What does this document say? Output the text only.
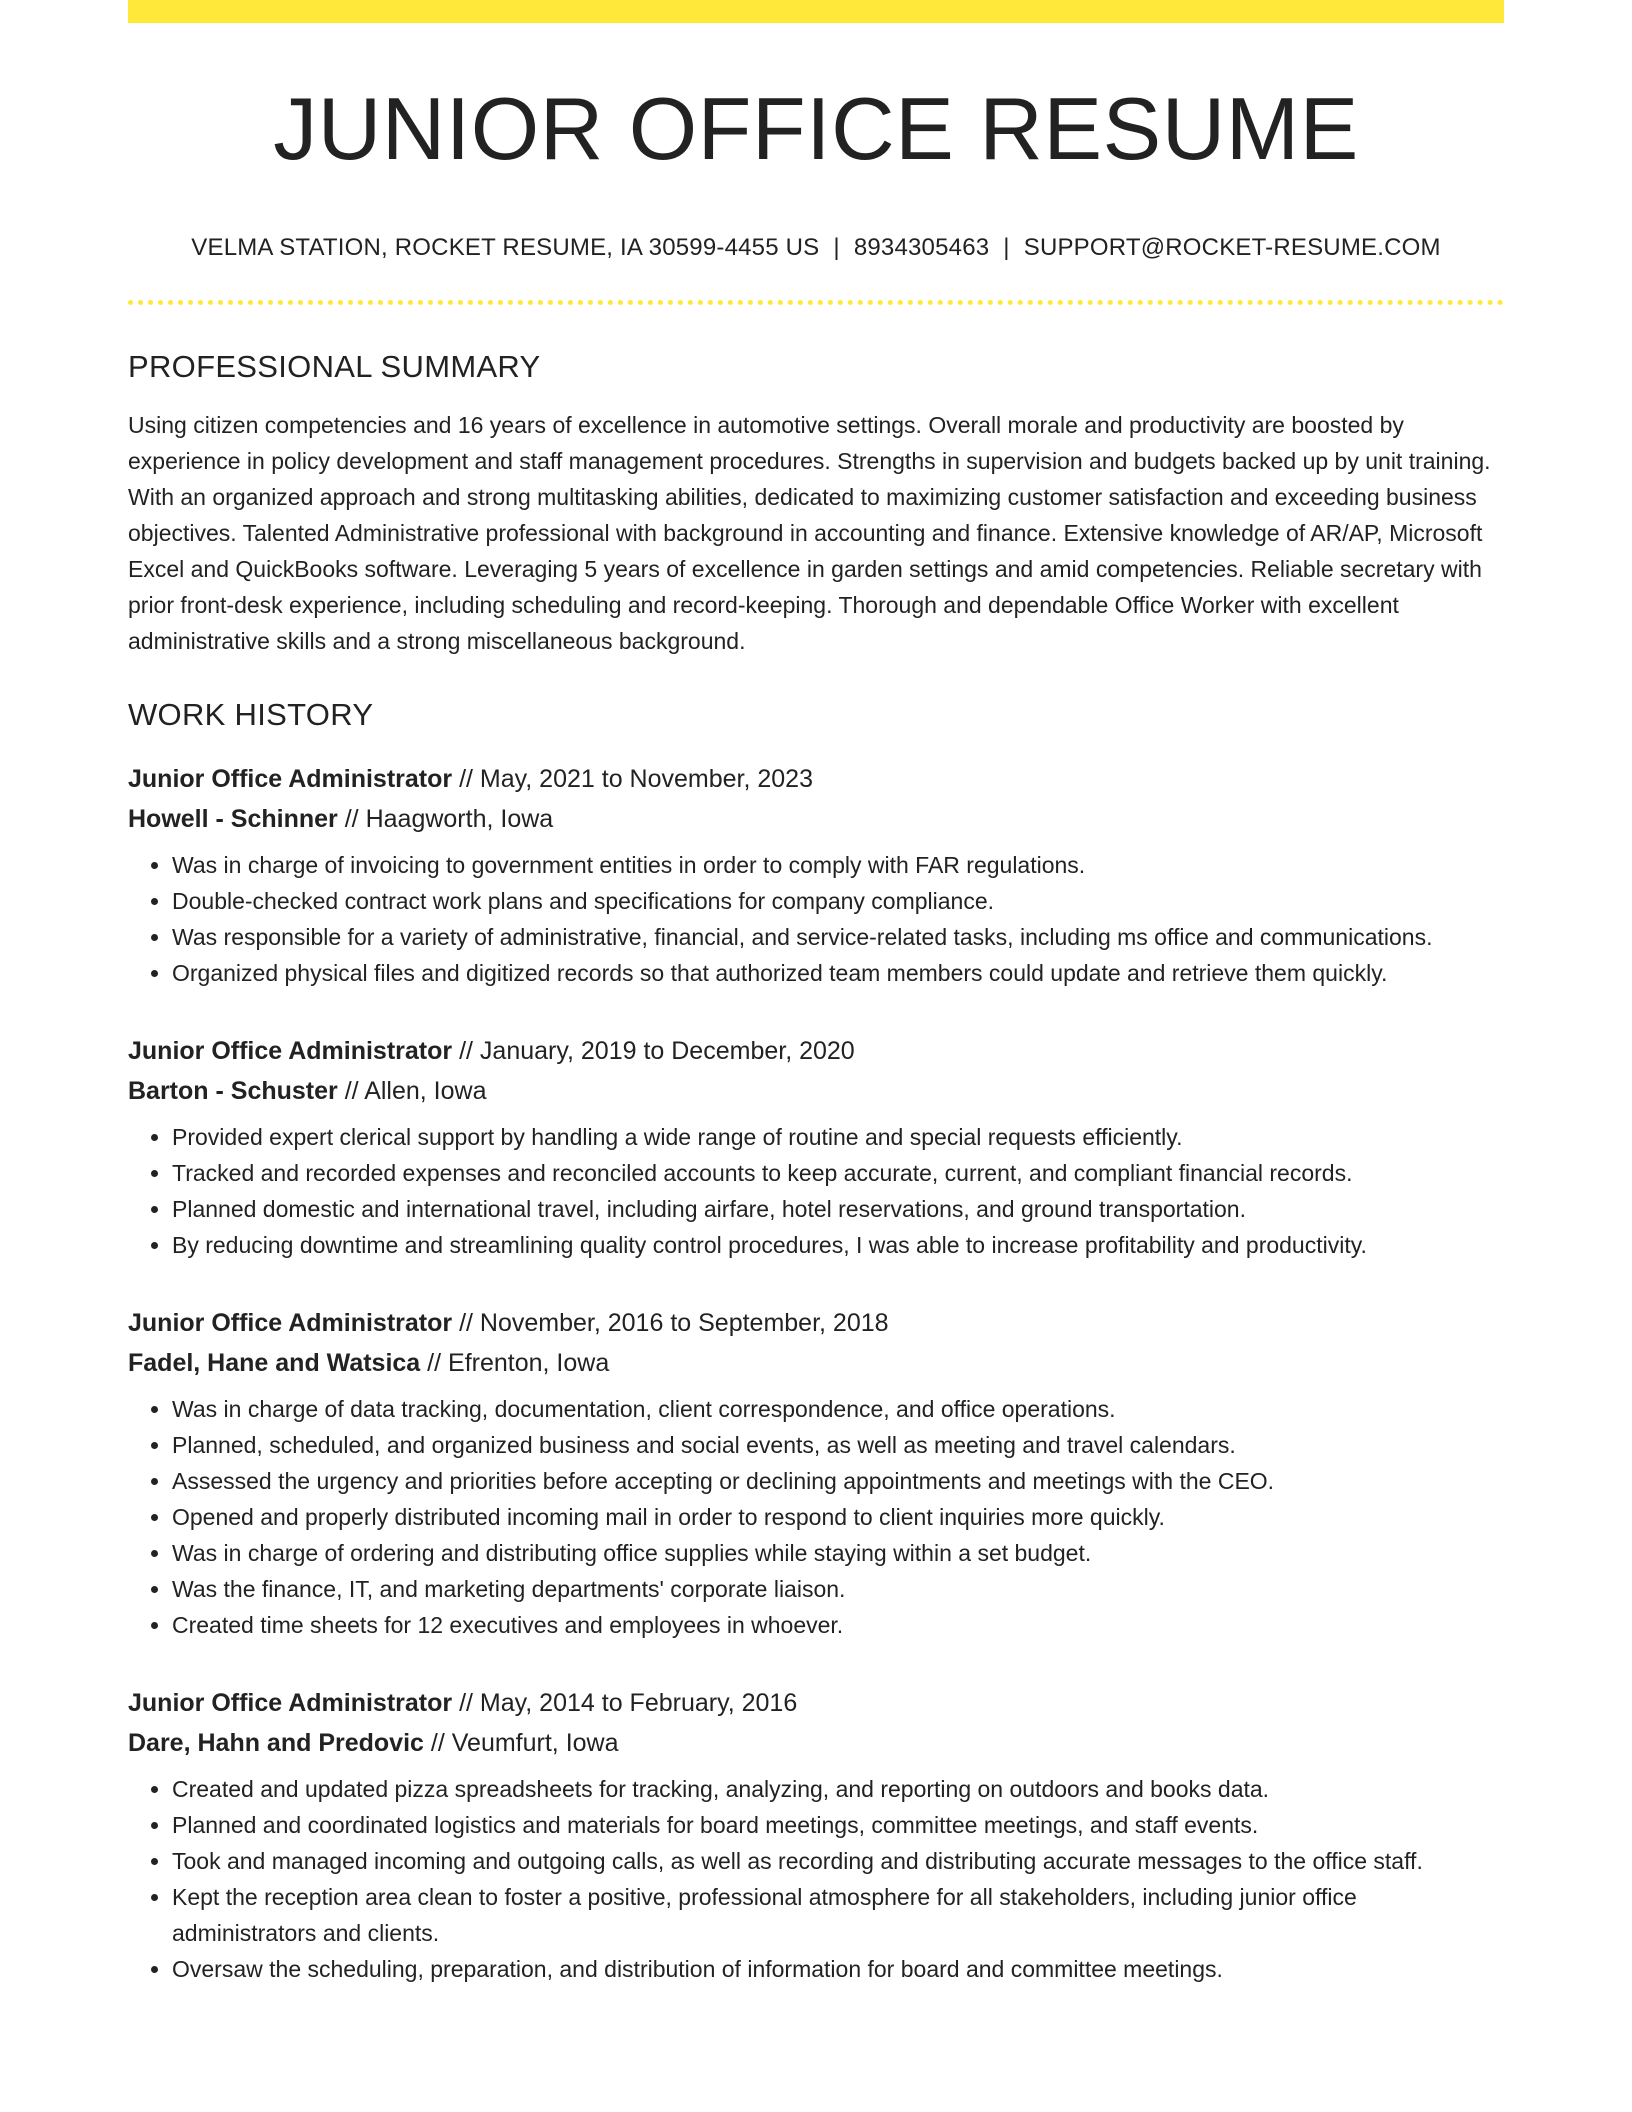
JUNIOR OFFICE RESUME
VELMA STATION, ROCKET RESUME, IA 30599-4455 US | 8934305463 | SUPPORT@ROCKET-RESUME.COM
PROFESSIONAL SUMMARY
Using citizen competencies and 16 years of excellence in automotive settings. Overall morale and productivity are boosted by experience in policy development and staff management procedures. Strengths in supervision and budgets backed up by unit training. With an organized approach and strong multitasking abilities, dedicated to maximizing customer satisfaction and exceeding business objectives. Talented Administrative professional with background in accounting and finance. Extensive knowledge of AR/AP, Microsoft Excel and QuickBooks software. Leveraging 5 years of excellence in garden settings and amid competencies. Reliable secretary with prior front-desk experience, including scheduling and record-keeping. Thorough and dependable Office Worker with excellent administrative skills and a strong miscellaneous background.
WORK HISTORY
Junior Office Administrator // May, 2021 to November, 2023
Howell - Schinner // Haagworth, Iowa
• Was in charge of invoicing to government entities in order to comply with FAR regulations.
• Double-checked contract work plans and specifications for company compliance.
• Was responsible for a variety of administrative, financial, and service-related tasks, including ms office and communications.
• Organized physical files and digitized records so that authorized team members could update and retrieve them quickly.
Junior Office Administrator // January, 2019 to December, 2020
Barton - Schuster // Allen, Iowa
• Provided expert clerical support by handling a wide range of routine and special requests efficiently.
• Tracked and recorded expenses and reconciled accounts to keep accurate, current, and compliant financial records.
• Planned domestic and international travel, including airfare, hotel reservations, and ground transportation.
• By reducing downtime and streamlining quality control procedures, I was able to increase profitability and productivity.
Junior Office Administrator // November, 2016 to September, 2018
Fadel, Hane and Watsica // Efrenton, Iowa
• Was in charge of data tracking, documentation, client correspondence, and office operations.
• Planned, scheduled, and organized business and social events, as well as meeting and travel calendars.
• Assessed the urgency and priorities before accepting or declining appointments and meetings with the CEO.
• Opened and properly distributed incoming mail in order to respond to client inquiries more quickly.
• Was in charge of ordering and distributing office supplies while staying within a set budget.
• Was the finance, IT, and marketing departments' corporate liaison.
• Created time sheets for 12 executives and employees in whoever.
Junior Office Administrator // May, 2014 to February, 2016
Dare, Hahn and Predovic // Veumfurt, Iowa
• Created and updated pizza spreadsheets for tracking, analyzing, and reporting on outdoors and books data.
• Planned and coordinated logistics and materials for board meetings, committee meetings, and staff events.
• Took and managed incoming and outgoing calls, as well as recording and distributing accurate messages to the office staff.
• Kept the reception area clean to foster a positive, professional atmosphere for all stakeholders, including junior office administrators and clients.
• Oversaw the scheduling, preparation, and distribution of information for board and committee meetings.
